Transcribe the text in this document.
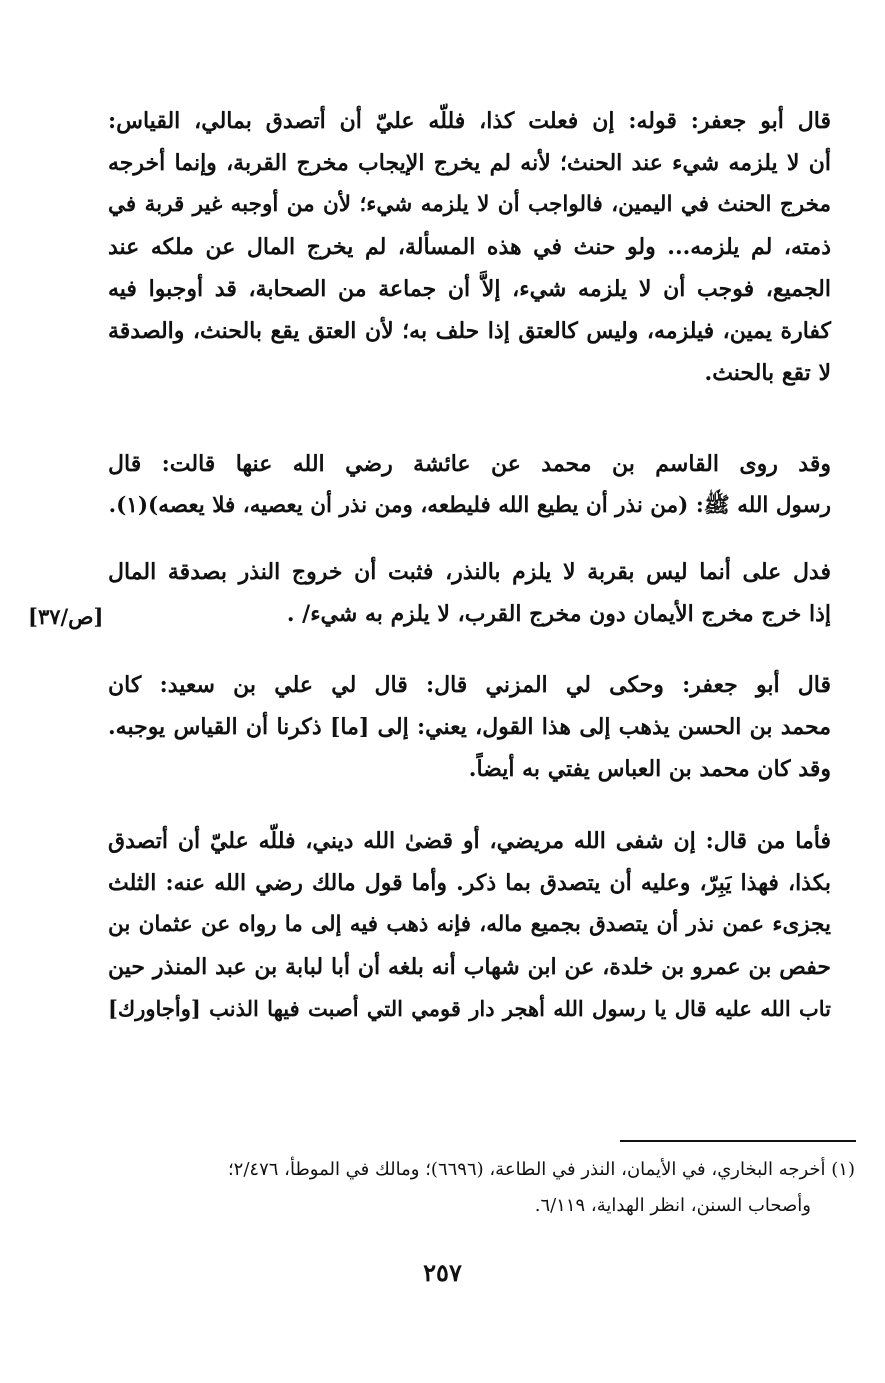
قال أبو جعفر: قوله: إن فعلت كذا، فللّه عليّ أن أتصدق بمالي، القياس:
أن لا يلزمه شيء عند الحنث؛ لأنه لم يخرج الإيجاب مخرج القربة، وإنما أخرجه
مخرج الحنث في اليمين، فالواجب أن لا يلزمه شيء؛ لأن من أوجبه غير قربة في
ذمته، لم يلزمه... ولو حنث في هذه المسألة، لم يخرج المال عن ملكه عند
الجميع، فوجب أن لا يلزمه شيء، إلاَّ أن جماعة من الصحابة، قد أوجبوا فيه
كفارة يمين، فيلزمه، وليس كالعتق إذا حلف به؛ لأن العتق يقع بالحنث، والصدقة
لا تقع بالحنث.
وقد روى القاسم بن محمد عن عائشة رضي الله عنها قالت: قال
رسول الله ﷺ: (من نذر أن يطيع الله فليطعه، ومن نذر أن يعصيه، فلا يعصه)(١).
فدل على أنما ليس بقربة لا يلزم بالنذر، فثبت أن خروج النذر بصدقة المال
إذا خرج مخرج الأيمان دون مخرج القرب، لا يلزم به شيء/ .
[ص/٣٧]
قال أبو جعفر: وحكى لي المزني قال: قال لي علي بن سعيد: كان
محمد بن الحسن يذهب إلى هذا القول، يعني: إلى [ما] ذكرنا أن القياس يوجبه.
وقد كان محمد بن العباس يفتي به أيضاً.
فأما من قال: إن شفى الله مريضي، أو قضىٰ الله ديني، فللّه عليّ أن أتصدق
بكذا، فهذا يَبِرّ، وعليه أن يتصدق بما ذكر. وأما قول مالك رضي الله عنه: الثلث
يجزىء عمن نذر أن يتصدق بجميع ماله، فإنه ذهب فيه إلى ما رواه عن عثمان بن
حفص بن عمرو بن خلدة، عن ابن شهاب أنه بلغه أن أبا لبابة بن عبد المنذر حين
تاب الله عليه قال يا رسول الله أهجر دار قومي التي أصبت فيها الذنب [وأجاورك]
(١) أخرجه البخاري، في الأيمان، النذر في الطاعة، (٦٦٩٦)؛ ومالك في الموطأ، ٢/٤٧٦؛
وأصحاب السنن، انظر الهداية، ٦/١١٩.
٢٥٧
